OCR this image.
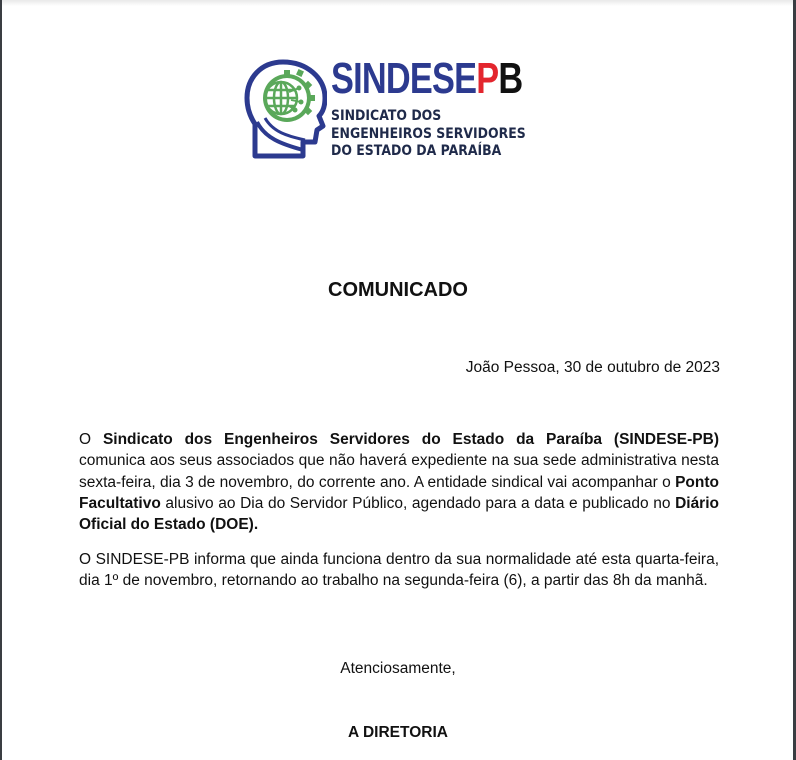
SINDESEPB
SINDICATO DOS
ENGENHEIROS SERVIDORES
DO ESTADO DA PARAÍBA
COMUNICADO
João Pessoa, 30 de outubro de 2023
O Sindicato dos Engenheiros Servidores do Estado da Paraíba (SINDESE-PB) comunica aos seus associados que não haverá expediente na sua sede administrativa nesta sexta-feira, dia 3 de novembro, do corrente ano. A entidade sindical vai acompanhar o Ponto Facultativo alusivo ao Dia do Servidor Público, agendado para a data e publicado no Diário Oficial do Estado (DOE).
O SINDESE-PB informa que ainda funciona dentro da sua normalidade até esta quarta-feira, dia 1º de novembro, retornando ao trabalho na segunda-feira (6), a partir das 8h da manhã.
Atenciosamente,
A DIRETORIA
